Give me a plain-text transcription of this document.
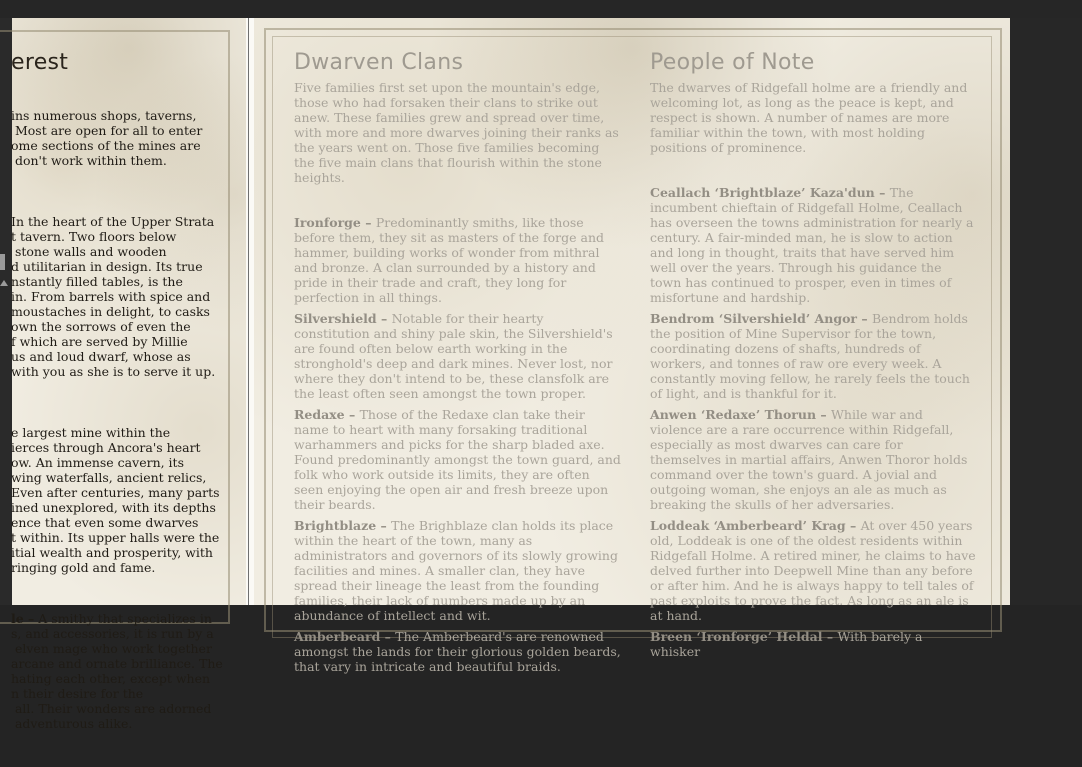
erest

ins numerous shops, taverns,
Most are open for all to enter
ome sections of the mines are
don't work within them.

In the heart of the Upper Strata
t tavern. Two floors below
stone walls and wooden
d utilitarian in design. Its true
nstantly filled tables, is the
in. From barrels with spice and
moustaches in delight, to casks
own the sorrows of even the
f which are served by Millie
us and loud dwarf, whose as
with you as she is to serve it up.

e largest mine within the
ierces through Ancora's heart
ow. An immense cavern, its
wing waterfalls, ancient relics,
Even after centuries, many parts
ined unexplored, with its depths
ence that even some dwarves
t within. Its upper halls were the
itial wealth and prosperity, with
ringing gold and fame.

le – A smithy that specializes in
s, and accessories, it is run by a
elven mage who work together
arcane and ornate brilliance. The
hating each other, except when
n their desire for the
all. Their wonders are adorned
adventurous alike.

Dwarven Clans

Five families first set upon the mountain's edge, those who had forsaken their clans to strike out anew. These families grew and spread over time, with more and more dwarves joining their ranks as the years went on. Those five families becoming the five main clans that flourish within the stone heights.

Ironforge – Predominantly smiths, like those before them, they sit as masters of the forge and hammer, building works of wonder from mithral and bronze. A clan surrounded by a history and pride in their trade and craft, they long for perfection in all things.

Silvershield – Notable for their hearty constitution and shiny pale skin, the Silvershield's are found often below earth working in the stronghold's deep and dark mines. Never lost, nor where they don't intend to be, these clansfolk are the least often seen amongst the town proper.

Redaxe – Those of the Redaxe clan take their name to heart with many forsaking traditional warhammers and picks for the sharp bladed axe. Found predominantly amongst the town guard, and folk who work outside its limits, they are often seen enjoying the open air and fresh breeze upon their beards.

Brightblaze – The Brighblaze clan holds its place within the heart of the town, many as administrators and governors of its slowly growing facilities and mines. A smaller clan, they have spread their lineage the least from the founding families, their lack of numbers made up by an abundance of intellect and wit.

Amberbeard – The Amberbeard's are renowned amongst the lands for their glorious golden beards, that vary in intricate and beautiful braids.

People of Note

The dwarves of Ridgefall holme are a friendly and welcoming lot, as long as the peace is kept, and respect is shown. A number of names are more familiar within the town, with most holding positions of prominence.

Ceallach ‘Brightblaze’ Kaza'dun – The incumbent chieftain of Ridgefall Holme, Ceallach has overseen the towns administration for nearly a century. A fair-minded man, he is slow to action and long in thought, traits that have served him well over the years. Through his guidance the town has continued to prosper, even in times of misfortune and hardship.

Bendrom ‘Silvershield’ Angor – Bendrom holds the position of Mine Supervisor for the town, coordinating dozens of shafts, hundreds of workers, and tonnes of raw ore every week. A constantly moving fellow, he rarely feels the touch of light, and is thankful for it.

Anwen ‘Redaxe’ Thorun – While war and violence are a rare occurrence within Ridgefall, especially as most dwarves can care for themselves in martial affairs, Anwen Thoror holds command over the town's guard. A jovial and outgoing woman, she enjoys an ale as much as breaking the skulls of her adversaries.

Loddeak ‘Amberbeard’ Krag – At over 450 years old, Loddeak is one of the oldest residents within Ridgefall Holme. A retired miner, he claims to have delved further into Deepwell Mine than any before or after him. And he is always happy to tell tales of past exploits to prove the fact. As long as an ale is at hand.

Breen ‘Ironforge’ Heldal – With barely a whisker
